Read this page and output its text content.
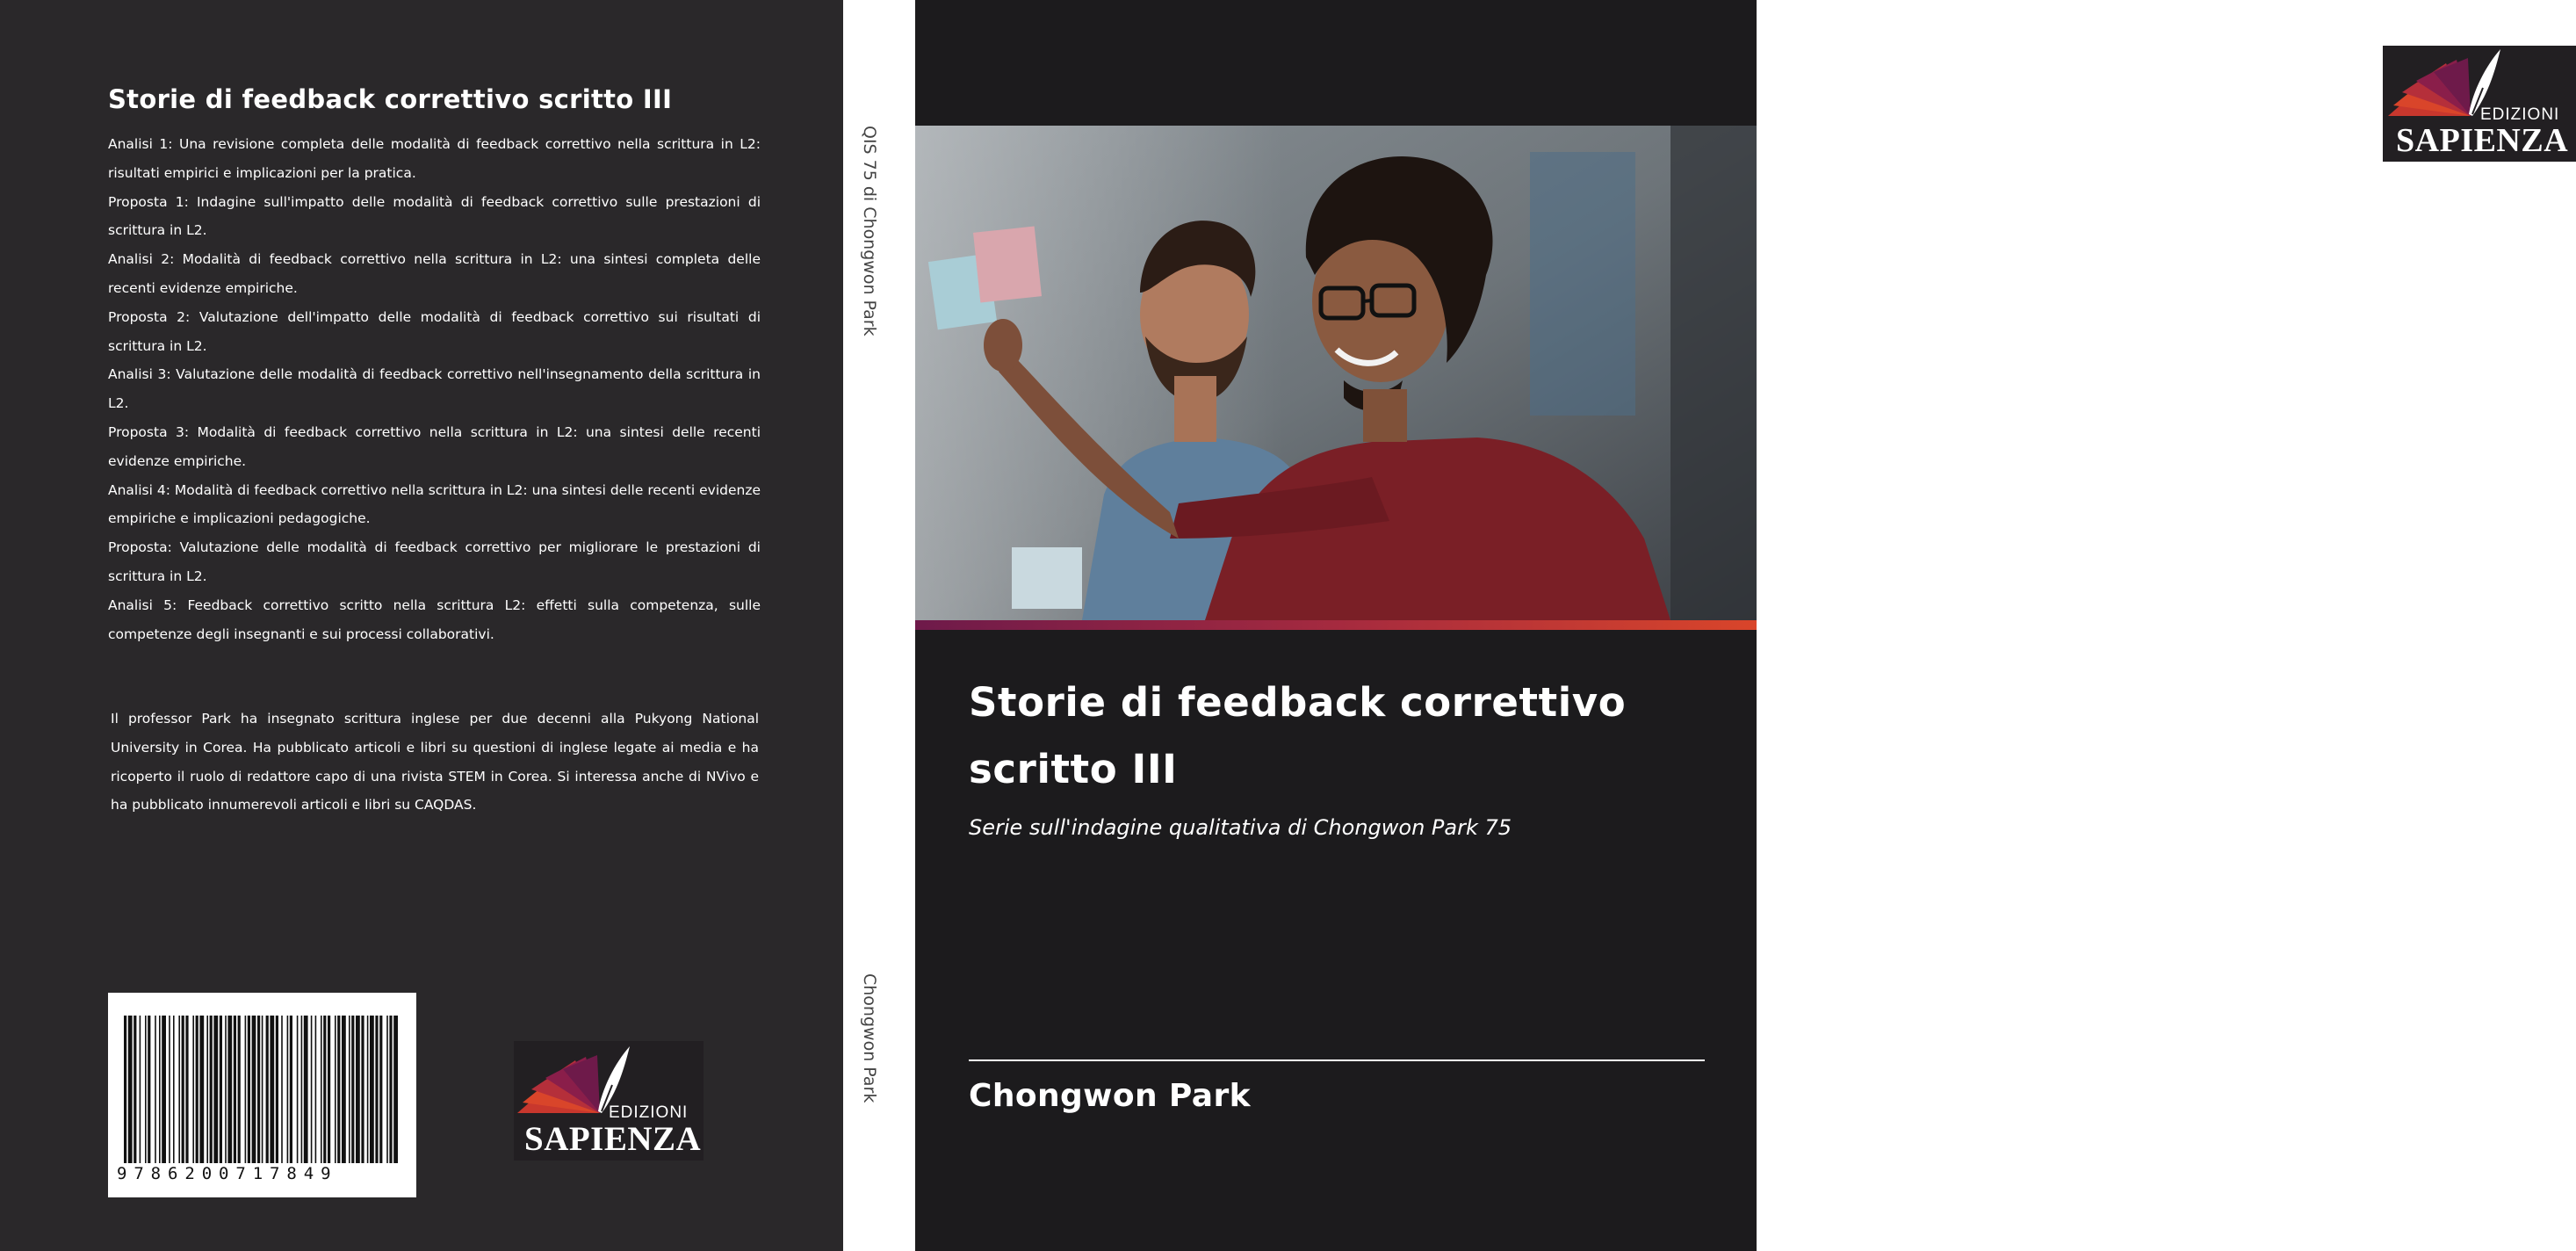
Storie di feedback correttivo scritto III

Analisi 1: Una revisione completa delle modalità di feedback correttivo nella scrittura in L2: risultati empirici e implicazioni per la pratica.

Proposta 1: Indagine sull'impatto delle modalità di feedback correttivo sulle prestazioni di scrittura in L2.

Analisi 2: Modalità di feedback correttivo nella scrittura in L2: una sintesi completa delle recenti evidenze empiriche.

Proposta 2: Valutazione dell'impatto delle modalità di feedback correttivo sui risultati di scrittura in L2.

Analisi 3: Valutazione delle modalità di feedback correttivo nell'insegnamento della scrittura in L2.

Proposta 3: Modalità di feedback correttivo nella scrittura in L2: una sintesi delle recenti evidenze empiriche.

Analisi 4: Modalità di feedback correttivo nella scrittura in L2: una sintesi delle recenti evidenze empiriche e implicazioni pedagogiche.

Proposta: Valutazione delle modalità di feedback correttivo per migliorare le prestazioni di scrittura in L2.

Analisi 5: Feedback correttivo scritto nella scrittura L2: effetti sulla competenza, sulle competenze degli insegnanti e sui processi collaborativi.

Il professor Park ha insegnato scrittura inglese per due decenni alla Pukyong National University in Corea. Ha pubblicato articoli e libri su questioni di inglese legate ai media e ha ricoperto il ruolo di redattore capo di una rivista STEM in Corea. Si interessa anche di NVivo e ha pubblicato innumerevoli articoli e libri su CAQDAS.

9786200717849
EDIZIONI
SAPIENZA
QIS 75 di Chongwon Park
Chongwon Park
EDIZIONI
SAPIENZA
Storie di feedback correttivo scritto III
Serie sull'indagine qualitativa di Chongwon Park 75
Chongwon Park
